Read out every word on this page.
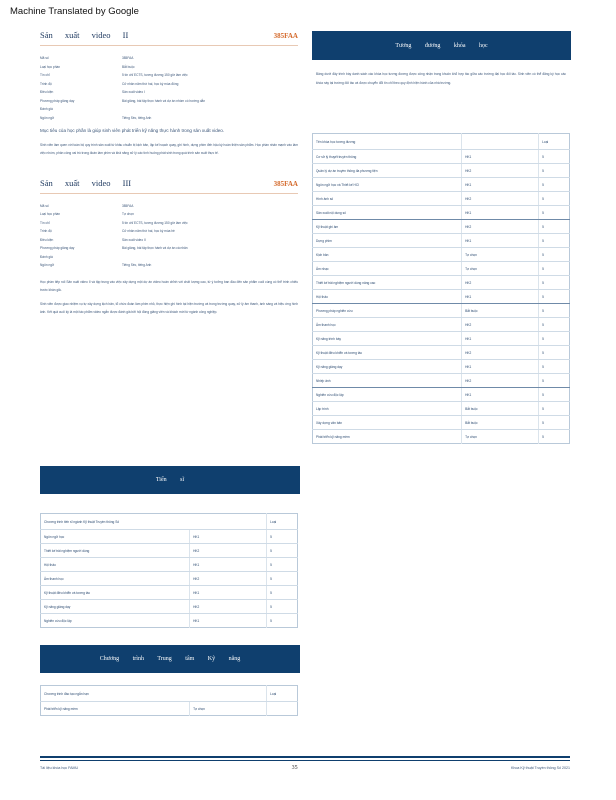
Machine Translated by Google
Sản xuất video II	385FAA
Mã số	385FAA
Loại học phần	Bắt buộc
Tín chỉ	5 tín chỉ ECTS, tương đương 150 giờ làm việc
Trình độ	Cử nhân năm thứ hai, học kỳ mùa đông
Điều kiện	Sản xuất video I
Phương pháp giảng dạy	Bài giảng, bài tập thực hành và dự án nhóm có hướng dẫn
Đánh giá
Ngôn ngữ	Tiếng Séc, tiếng Anh
Mục tiêu của học phần là giúp sinh viên phát triển kỹ năng thực hành trong sản xuất video.
Sinh viên làm quen với toàn bộ quy trình sản xuất từ khâu chuẩn bị kịch bản, lập kế hoạch quay, ghi hình, dựng phim đến hậu kỳ hoàn thiện sản phẩm. Học phần nhấn mạnh vào làm việc nhóm, phân công vai trò trong đoàn làm phim và khả năng xử lý các tình huống phát sinh trong quá trình sản xuất thực tế.
Sản xuất video III	385FAA
Mã số	385FAA
Loại học phần	Tự chọn
Tín chỉ	5 tín chỉ ECTS, tương đương 150 giờ làm việc
Trình độ	Cử nhân năm thứ hai, học kỳ mùa hè
Điều kiện	Sản xuất video II
Phương pháp giảng dạy	Bài giảng, bài tập thực hành và dự án cá nhân
Đánh giá
Ngôn ngữ	Tiếng Séc, tiếng Anh
Học phần tiếp nối Sản xuất video II và tập trung vào việc xây dựng một dự án video hoàn chỉnh với chất lượng cao, từ ý tưởng ban đầu đến sản phẩm cuối cùng có thể trình chiếu trước khán giả.
Sinh viên được giao nhiệm vụ tự xây dựng kịch bản, tổ chức đoàn làm phim nhỏ, thực hiện ghi hình tại hiện trường và trong trường quay, xử lý âm thanh, ánh sáng và hiệu ứng hình ảnh. Kết quả cuối kỳ là một tác phẩm video ngắn được đánh giá bởi hội đồng giảng viên và khách mời từ ngành công nghiệp.
Tiến sĩ
Chương trình tiến sĩ ngành Kỹ thuật Truyền thông Số		Loại
Ngôn ngữ học	HK1	5
Thiết kế trải nghiệm người dùng	HK2	5
Hội thảo	HK1	5
Âm thanh học	HK2	5
Kỹ thuật điều khiển và tương tác	HK1	5
Kỹ năng giảng dạy	HK2	5
Nghiên cứu độc lập	HK1	5
Chương trình Trung tâm Kỹ năng
Chương trình đào tạo ngắn hạn		Loại
Phát triển kỹ năng mềm	Tự chọn	
Tương đương khóa học
Bảng dưới đây trình bày danh sách các khóa học tương đương được công nhận trong khuôn khổ hợp tác giữa các trường đại học đối tác. Sinh viên có thể đăng ký học các khóa này tại trường đối tác và được chuyển đổi tín chỉ theo quy định hiện hành của nhà trường.
Tên khóa học tương đương		Loại
Cơ sở lý thuyết truyền thông	HK1	5
Quản lý dự án truyền thông đa phương tiện	HK2	5
Ngôn ngữ học và Thiết kế HCI	HK1	5
Hình ảnh số	HK2	5
Sản xuất nội dung số	HK1	5
Kỹ thuật ghi âm	HK2	5
Dựng phim	HK1	5
Kịch bản	Tự chọn	5
Âm nhạc	Tự chọn	5
Thiết kế trải nghiệm người dùng nâng cao	HK2	5
Hội thảo	HK1	5
Phương pháp nghiên cứu	Bắt buộc	5
Âm thanh học	HK2	5
Kỹ năng trình bày	HK1	5
Kỹ thuật điều khiển và tương tác	HK2	5
Kỹ năng giảng dạy	HK1	5
Nhiếp ảnh	HK2	5
Nghiên cứu độc lập	HK1	5
Lập trình	Bắt buộc	5
Xây dựng văn bản	Bắt buộc	5
Phát triển kỹ năng mềm	Tự chọn	5
Tài liệu khóa học FAMU	35	Khoa Kỹ thuật Truyền thông Số 2021
